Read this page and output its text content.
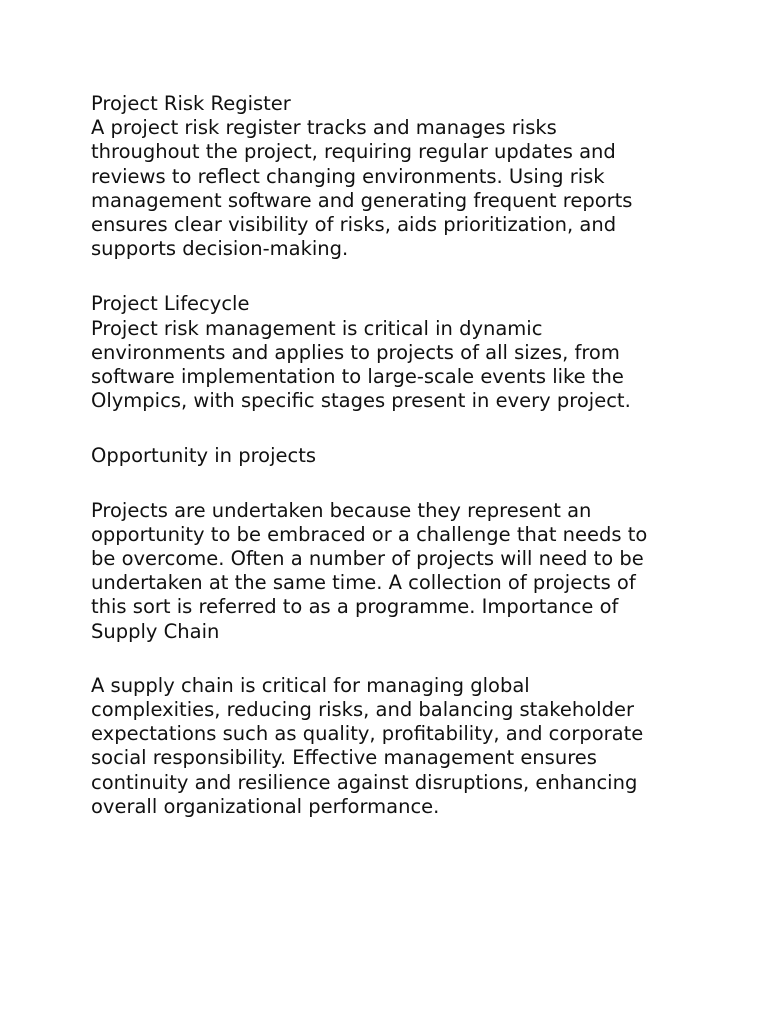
Project Risk Register
A project risk register tracks and manages risks
throughout the project, requiring regular updates and
reviews to reflect changing environments. Using risk
management software and generating frequent reports
ensures clear visibility of risks, aids prioritization, and
supports decision-making.
Project Lifecycle
Project risk management is critical in dynamic
environments and applies to projects of all sizes, from
software implementation to large-scale events like the
Olympics, with specific stages present in every project.
Opportunity in projects
Projects are undertaken because they represent an
opportunity to be embraced or a challenge that needs to
be overcome. Often a number of projects will need to be
undertaken at the same time. A collection of projects of
this sort is referred to as a programme. Importance of
Supply Chain
A supply chain is critical for managing global
complexities, reducing risks, and balancing stakeholder
expectations such as quality, profitability, and corporate
social responsibility. Effective management ensures
continuity and resilience against disruptions, enhancing
overall organizational performance.
